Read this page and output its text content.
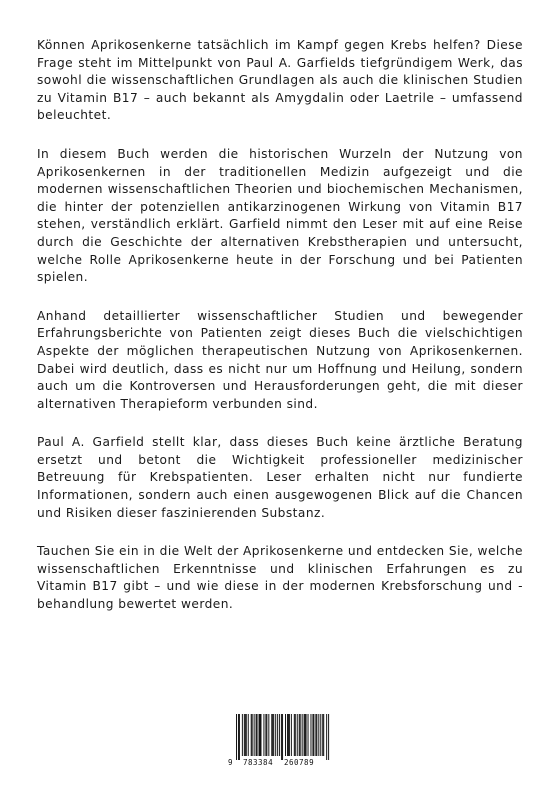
Können Aprikosenkerne tatsächlich im Kampf gegen Krebs helfen? Diese Frage steht im Mittelpunkt von Paul A. Garfields tiefgründigem Werk, das sowohl die wissenschaftlichen Grundlagen als auch die klinischen Studien zu Vitamin B17 – auch bekannt als Amygdalin oder Laetrile – umfassend beleuchtet.

In diesem Buch werden die historischen Wurzeln der Nutzung von Aprikosenkernen in der traditionellen Medizin aufgezeigt und die modernen wissenschaftlichen Theorien und biochemischen Mechanismen, die hinter der potenziellen antikarzinogenen Wirkung von Vitamin B17 stehen, verständlich erklärt. Garfield nimmt den Leser mit auf eine Reise durch die Geschichte der alternativen Krebstherapien und untersucht, welche Rolle Aprikosenkerne heute in der Forschung und bei Patienten spielen.

Anhand detaillierter wissenschaftlicher Studien und bewegender Erfahrungsberichte von Patienten zeigt dieses Buch die vielschichtigen Aspekte der möglichen therapeutischen Nutzung von Aprikosenkernen. Dabei wird deutlich, dass es nicht nur um Hoffnung und Heilung, sondern auch um die Kontroversen und Herausforderungen geht, die mit dieser alternativen Therapieform verbunden sind.

Paul A. Garfield stellt klar, dass dieses Buch keine ärztliche Beratung ersetzt und betont die Wichtigkeit professioneller medizinischer Betreuung für Krebspatienten. Leser erhalten nicht nur fundierte Informationen, sondern auch einen ausgewogenen Blick auf die Chancen und Risiken dieser faszinierenden Substanz.

Tauchen Sie ein in die Welt der Aprikosenkerne und entdecken Sie, welche wissenschaftlichen Erkenntnisse und klinischen Erfahrungen es zu Vitamin B17 gibt – und wie diese in der modernen Krebsforschung und -behandlung bewertet werden.

9 783384 260789
